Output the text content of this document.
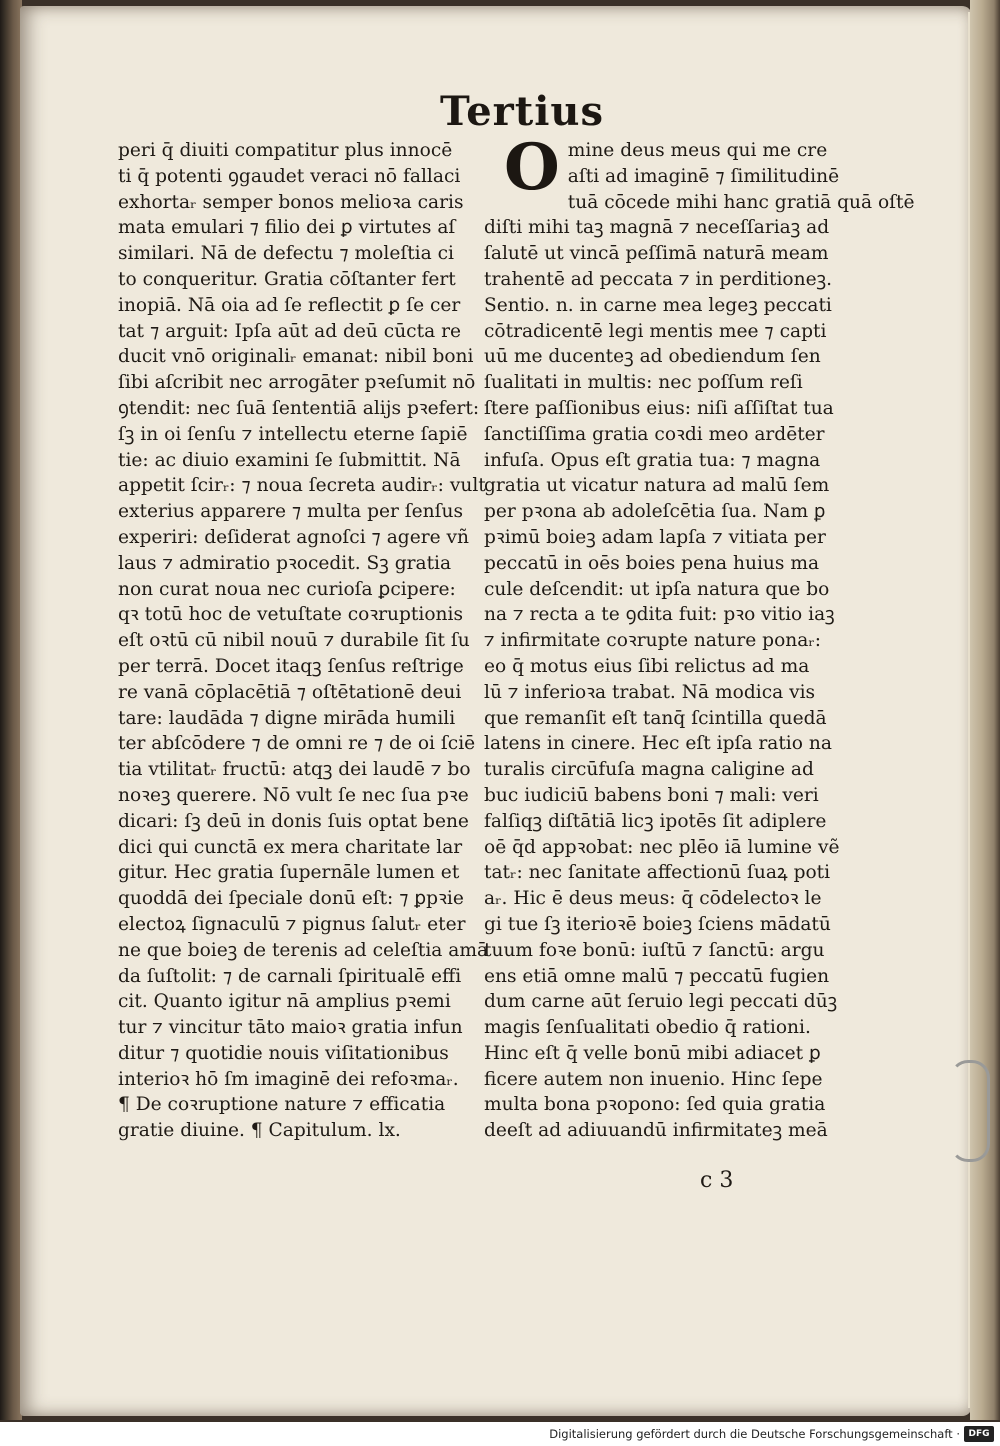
Tertius
peri q̄ diuiti compatitur plus innocē
ti q̄ potenti ꝯgaudet veraci nō fallaci
exhortaᵣ semper bonos melioꝛa caris
mata emulari ⁊ filio dei ꝑ virtutes aſ
similari. Nā de defectu ⁊ moleſtia ci
to conqueritur. Gratia cōſtanter fert
inopiā. Nā oia ad ſe reflectit ꝑ ſe cer
tat ⁊ arguit: Ipſa aūt ad deū cūcta re
ducit vnō originaliᵣ emanat: nibil boni
ſibi aſcribit nec arrogāter pꝛeſumit nō
ꝯtendit: nec ſuā ſententiā alijs pꝛefert:
ſꝫ in oi ſenſu ⁊ intellectu eterne ſapiē
tie: ac diuio examini ſe ſubmittit. Nā
appetit ſcirᵣ: ⁊ noua ſecreta audirᵣ: vult
exterius apparere ⁊ multa per ſenſus
experiri: deſiderat agnoſci ⁊ agere vñ
laus ⁊ admiratio pꝛocedit. Sꝫ gratia
non curat noua nec curioſa ꝑcipere:
qꝛ totū hoc de vetuſtate coꝛruptionis
eſt oꝛtū cū nibil nouū ⁊ durabile ſit ſu
per terrā. Docet itaqꝫ ſenſus reſtrige
re vanā cōplacētiā ⁊ oſtētationē deui
tare: laudāda ⁊ digne mirāda humili
ter abſcōdere ⁊ de omni re ⁊ de oi ſciē
tia vtilitatᵣ fructū: atqꝫ dei laudē ⁊ bo
noꝛeꝫ querere. Nō vult ſe nec ſua pꝛe
dicari: ſꝫ deū in donis ſuis optat bene
dici qui cunctā ex mera charitate lar
gitur. Hec gratia ſupernāle lumen et
quoddā dei ſpeciale donū eſt: ⁊ ꝑpꝛie
electoꝝ ſignaculū ⁊ pignus ſalutᵣ eter
ne que boieꝫ de terenis ad celeſtia amā
da ſuſtolit: ⁊ de carnali ſpiritualē effi
cit. Quanto igitur nā amplius pꝛemi
tur ⁊ vincitur tāto maioꝛ gratia infun
ditur ⁊ quotidie nouis viſitationibus
interioꝛ hō ſm imaginē dei refoꝛmaᵣ.
¶ De coꝛruptione nature ⁊ efficatia
gratie diuine. ¶ Capitulum. lx.
O mine deus meus qui me cre
aſti ad imaginē ⁊ ſimilitudinē
tuā cōcede mihi hanc gratiā quā oſtē
diſti mihi taꝫ magnā ⁊ neceſſariaꝫ ad
ſalutē ut vincā peſſimā naturā meam
trahentē ad peccata ⁊ in perditioneꝫ.
Sentio. n. in carne mea legeꝫ peccati
cōtradicentē legi mentis mee ⁊ capti
uū me ducenteꝫ ad obediendum ſen
ſualitati in multis: nec poſſum reſi
ſtere paſſionibus eius: niſi aſſiſtat tua
ſanctiſſima gratia coꝛdi meo ardēter
infuſa. Opus eſt gratia tua: ⁊ magna
gratia ut vicatur natura ad malū ſem
per pꝛona ab adoleſcētia ſua. Nam ꝑ
pꝛimū boieꝫ adam lapſa ⁊ vitiata per
peccatū in oēs boies pena huius ma
cule deſcendit: ut ipſa natura que bo
na ⁊ recta a te ꝯdita fuit: pꝛo vitio iaꝫ
⁊ infirmitate coꝛrupte nature ponaᵣ:
eo q̄ motus eius ſibi relictus ad ma
lū ⁊ inferioꝛa trabat. Nā modica vis
que remanſit eſt tanq̄ ſcintilla quedā
latens in cinere. Hec eſt ipſa ratio na
turalis circūfuſa magna caligine ad
buc iudiciū babens boni ⁊ mali: veri
falſiqꝫ diſtātiā licꝫ ipotēs ſit adiplere
oē q̄d appꝛobat: nec plēo iā lumine vẽ
tatᵣ: nec ſanitate affectionū ſuaꝝ poti
aᵣ. Hic ē deus meus: q̄ cōdelectoꝛ le
gi tue ſꝫ iterioꝛē boieꝫ ſciens mādatū
tuum foꝛe bonū: iuſtū ⁊ ſanctū: argu
ens etiā omne malū ⁊ peccatū fugien
dum carne aūt ſeruio legi peccati dūꝫ
magis ſenſualitati obedio q̄ rationi.
Hinc eſt q̄ velle bonū mibi adiacet ꝑ
ficere autem non inuenio. Hinc ſepe
multa bona pꝛopono: ſed quia gratia
deeſt ad adiuuandū infirmitateꝫ meā
c 3
Digitalisierung gefördert durch die Deutsche Forschungsgemeinschaft · DFG
